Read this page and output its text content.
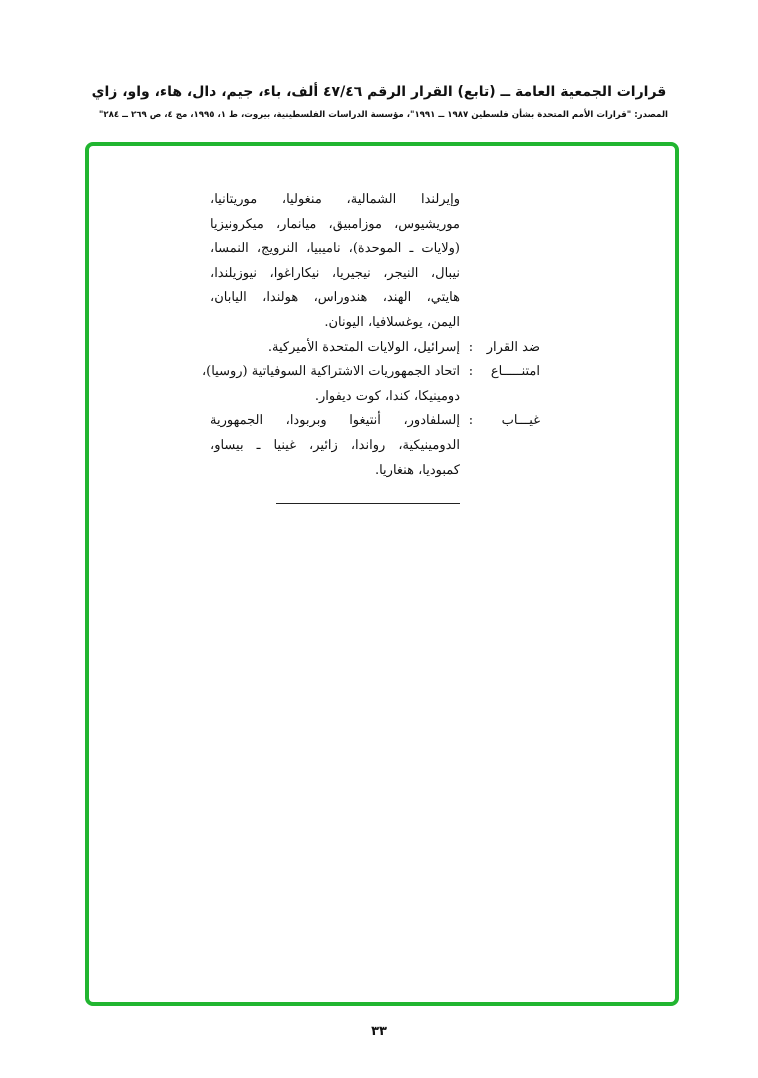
قرارات الجمعية العامة ــ (تابع) القرار الرقم ٤٧/٤٦ ألف، باء، جيم، دال، هاء، واو، زاي
المصدر: "قرارات الأمم المتحدة بشأن فلسطين ١٩٨٧ ــ ١٩٩١"، مؤسسة الدراسات الفلسطينية، بيروت، ط ١، ١٩٩٥، مج ٤، ص ٢٦٩ ــ ٢٨٤"
وإيرلندا الشمالية، منغوليا، موريتانيا،
موريشيوس، موزامبيق، ميانمار، ميكرونيزيا
(ولايات ـ الموحدة)، ناميبيا، النرويج، النمسا،
نيبال، النيجر، نيجيريا، نيكاراغوا، نيوزيلندا،
هايتي، الهند، هندوراس، هولندا، اليابان،
اليمن، يوغسلافيا، اليونان.
ضد القرار
:
إسرائيل، الولايات المتحدة الأميركية.
امتنـــــاع
:
اتحاد الجمهوريات الاشتراكية السوفياتية (روسيا)،
دومينيكا، كندا، كوت ديفوار.
غيـــاب
:
إلسلفادور، أنتيغوا وبربودا، الجمهورية
الدومينيكية، رواندا، زائير، غينيا ـ بيساو،
كمبوديا، هنغاريا.
٣٣
